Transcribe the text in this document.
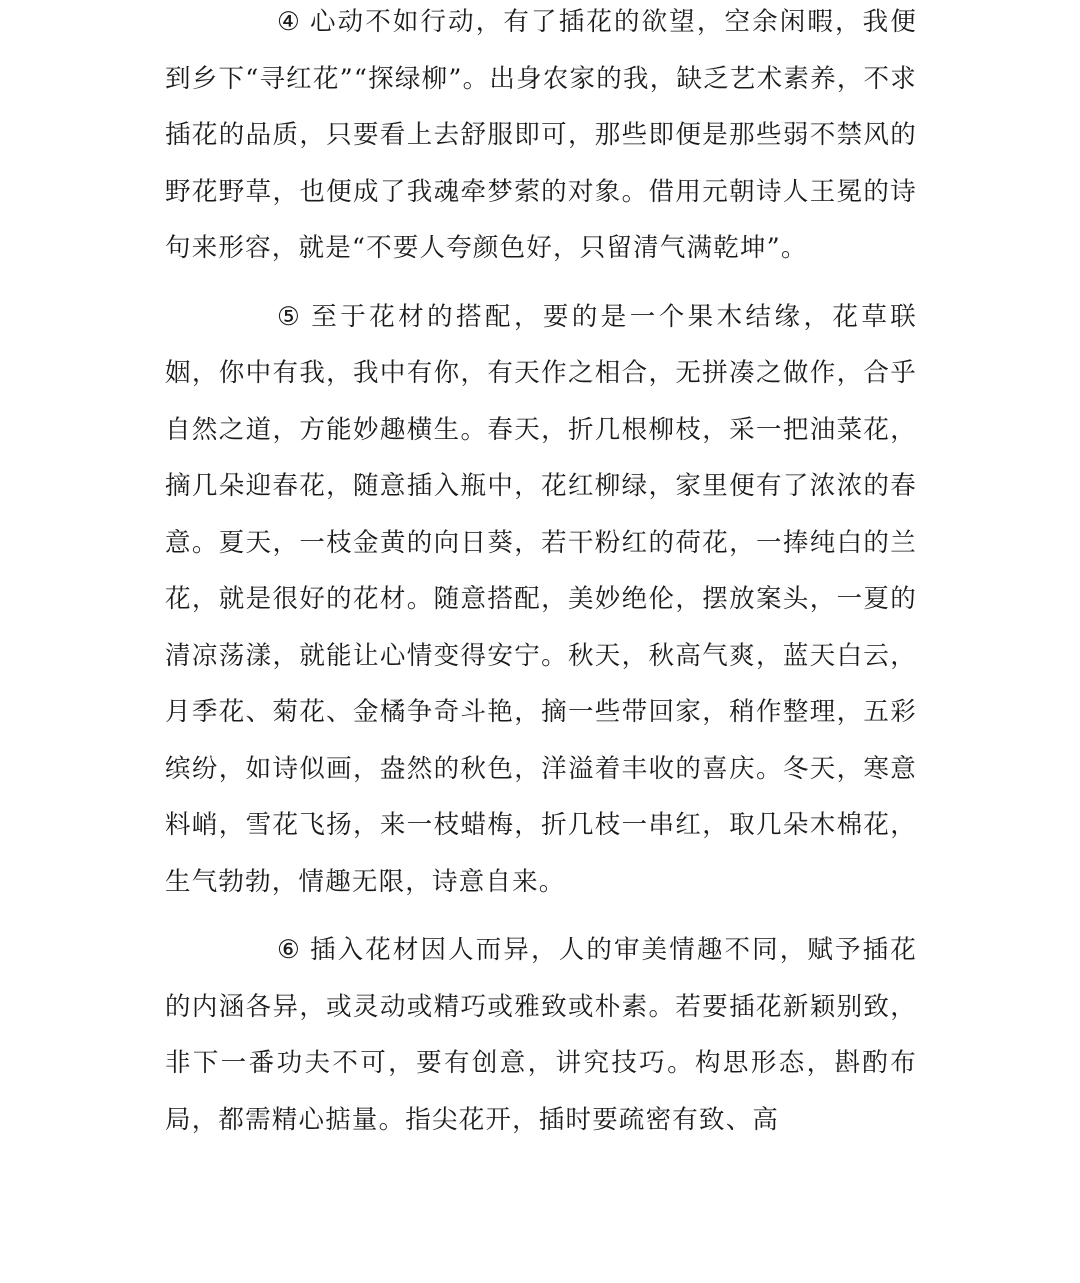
④ 心动不如行动，有了插花的欲望，空余闲暇，我便到乡下“寻红花”“探绿柳”。出身农家的我，缺乏艺术素养，不求插花的品质，只要看上去舒服即可，那些即便是那些弱不禁风的野花野草，也便成了我魂牵梦萦的对象。借用元朝诗人王冕的诗句来形容，就是“不要人夸颜色好，只留清气满乾坤”。

⑤ 至于花材的搭配，要的是一个果木结缘，花草联姻，你中有我，我中有你，有天作之相合，无拼凑之做作，合乎自然之道，方能妙趣横生。春天，折几根柳枝，采一把油菜花，摘几朵迎春花，随意插入瓶中，花红柳绿，家里便有了浓浓的春意。夏天，一枝金黄的向日葵，若干粉红的荷花，一捧纯白的兰花，就是很好的花材。随意搭配，美妙绝伦，摆放案头，一夏的清凉荡漾，就能让心情变得安宁。秋天，秋高气爽，蓝天白云，月季花、菊花、金橘争奇斗艳，摘一些带回家，稍作整理，五彩缤纷，如诗似画，盎然的秋色，洋溢着丰收的喜庆。冬天，寒意料峭，雪花飞扬，来一枝蜡梅，折几枝一串红，取几朵木棉花，生气勃勃，情趣无限，诗意自来。

⑥ 插入花材因人而异，人的审美情趣不同，赋予插花的内涵各异，或灵动或精巧或雅致或朴素。若要插花新颖别致，非下一番功夫不可，要有创意，讲究技巧。构思形态，斟酌布局，都需精心掂量。指尖花开，插时要疏密有致、高
